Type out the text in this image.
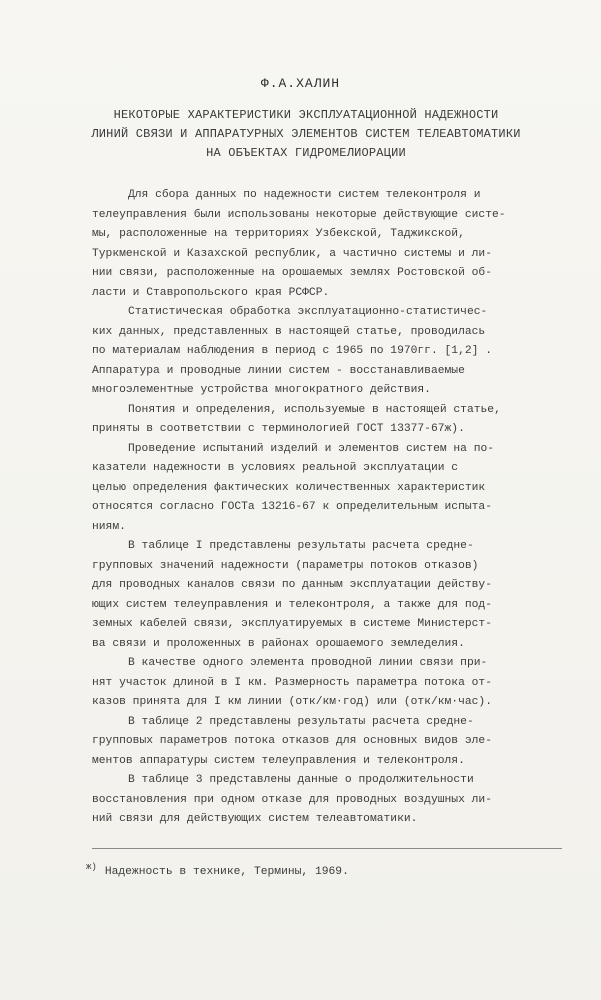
Ф.А.ХАЛИН
НЕКОТОРЫЕ ХАРАКТЕРИСТИКИ ЭКСПЛУАТАЦИОННОЙ НАДЕЖНОСТИ
ЛИНИЙ СВЯЗИ И АППАРАТУРНЫХ ЭЛЕМЕНТОВ СИСТЕМ ТЕЛЕАВТОМАТИКИ
НА ОБЪЕКТАХ ГИДРОМЕЛИОРАЦИИ
Для сбора данных по надежности систем телеконтроля и
телеуправления были использованы некоторые действующие систе-
мы, расположенные на территориях Узбекской, Таджикской,
Туркменской и Казахской республик, а частично системы и ли-
нии связи, расположенные на орошаемых землях Ростовской об-
ласти и Ставропольского края РСФСР.
Статистическая обработка эксплуатационно-статистичес-
ких данных, представленных в настоящей статье, проводилась
по материалам наблюдения в период с 1965 по 1970гг. [1,2] .
Аппаратура и проводные линии систем - восстанавливаемые
многоэлементные устройства многократного действия.
Понятия и определения, используемые в настоящей статье,
приняты в соответствии с терминологией ГОСТ 13377-67ж).
Проведение испытаний изделий и элементов систем на по-
казатели надежности в условиях реальной эксплуатации с
целью определения фактических количественных характеристик
относятся согласно ГОСТа 13216-67 к определительным испыта-
ниям.
В таблице I представлены результаты расчета средне-
групповых значений надежности (параметры потоков отказов)
для проводных каналов связи по данным эксплуатации действу-
ющих систем телеуправления и телеконтроля, а также для под-
земных кабелей связи, эксплуатируемых в системе Министерст-
ва связи и проложенных в районах орошаемого земледелия.
В качестве одного элемента проводной линии связи при-
нят участок длиной в I км. Размерность параметра потока от-
казов принята для I км линии (отк/км·год) или (отк/км·час).
В таблице 2 представлены результаты расчета средне-
групповых параметров потока отказов для основных видов эле-
ментов аппаратуры систем телеуправления и телеконтроля.
В таблице 3 представлены данные о продолжительности
восстановления при одном отказе для проводных воздушных ли-
ний связи для действующих систем телеавтоматики.
$^{ж)}$ Надежность в технике, Термины, 1969.
